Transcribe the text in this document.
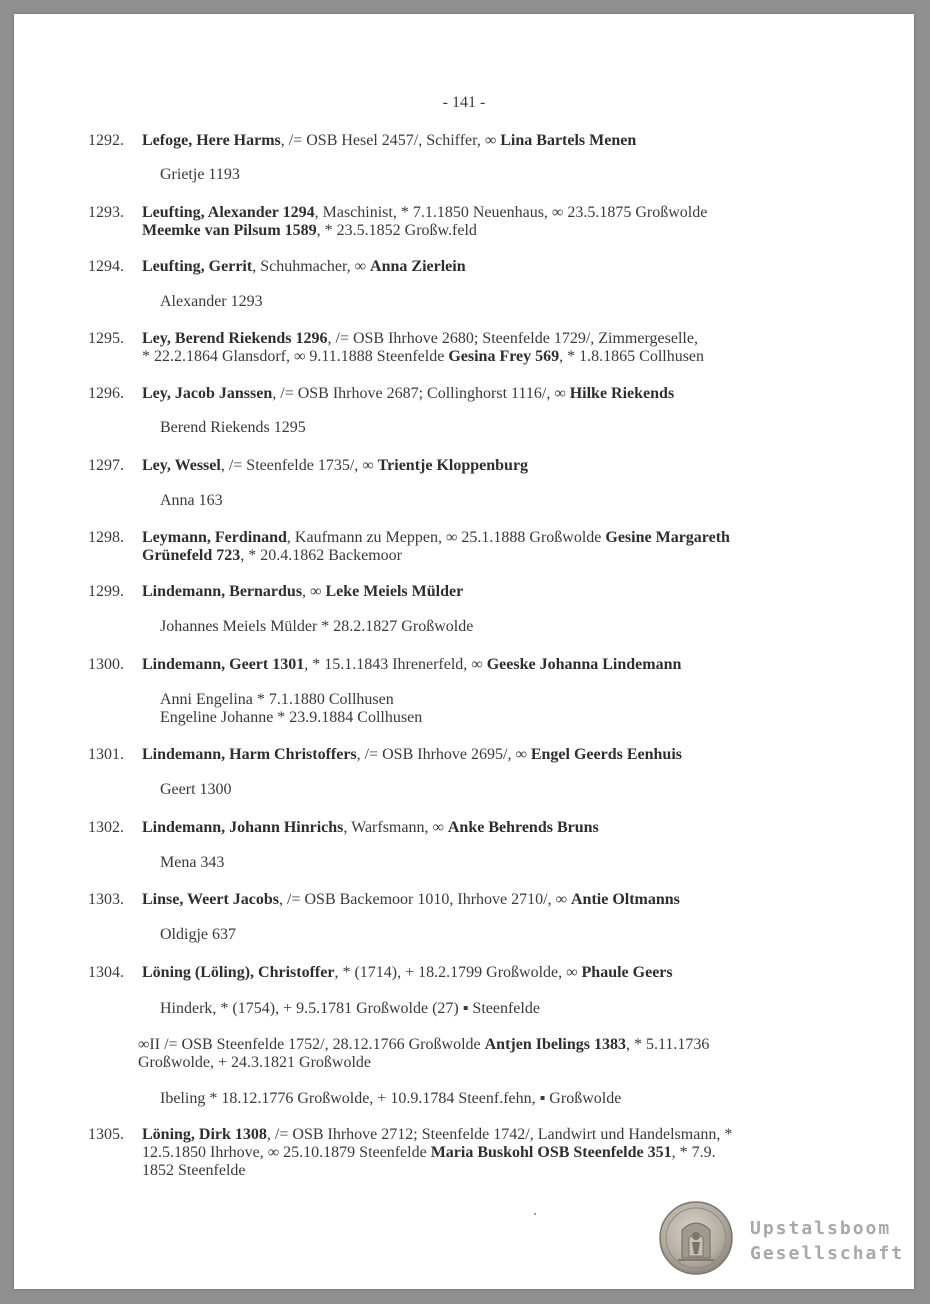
- 141 -
1292.	Lefoge, Here Harms, /= OSB Hesel 2457/, Schiffer, ∞ Lina Bartels Menen
Grietje 1193
1293.	Leufting, Alexander 1294, Maschinist, * 7.1.1850 Neuenhaus, ∞ 23.5.1875 Großwolde
Meemke van Pilsum 1589, * 23.5.1852 Großw.feld
1294.	Leufting, Gerrit, Schuhmacher, ∞ Anna Zierlein
Alexander 1293
1295.	Ley, Berend Riekends 1296, /= OSB Ihrhove 2680; Steenfelde 1729/, Zimmergeselle,
* 22.2.1864 Glansdorf, ∞ 9.11.1888 Steenfelde Gesina Frey 569, * 1.8.1865 Collhusen
1296.	Ley, Jacob Janssen, /= OSB Ihrhove 2687; Collinghorst 1116/, ∞ Hilke Riekends
Berend Riekends 1295
1297.	Ley, Wessel, /= Steenfelde 1735/, ∞ Trientje Kloppenburg
Anna 163
1298.	Leymann, Ferdinand, Kaufmann zu Meppen, ∞ 25.1.1888 Großwolde Gesine Margareth
Grünefeld 723, * 20.4.1862 Backemoor
1299.	Lindemann, Bernardus, ∞ Leke Meiels Mülder
Johannes Meiels Mülder * 28.2.1827 Großwolde
1300.	Lindemann, Geert 1301, * 15.1.1843 Ihrenerfeld, ∞ Geeske Johanna Lindemann
Anni Engelina * 7.1.1880 Collhusen
Engeline Johanne * 23.9.1884 Collhusen
1301.	Lindemann, Harm Christoffers, /= OSB Ihrhove 2695/, ∞ Engel Geerds Eenhuis
Geert 1300
1302.	Lindemann, Johann Hinrichs, Warfsmann, ∞ Anke Behrends Bruns
Mena 343
1303.	Linse, Weert Jacobs, /= OSB Backemoor 1010, Ihrhove 2710/, ∞ Antie Oltmanns
Oldigje 637
1304.	Löning (Löling), Christoffer, * (1714), + 18.2.1799 Großwolde, ∞ Phaule Geers
Hinderk, * (1754), + 9.5.1781 Großwolde (27) ▪ Steenfelde
∞II /= OSB Steenfelde 1752/, 28.12.1766 Großwolde Antjen Ibelings 1383, * 5.11.1736
Großwolde, + 24.3.1821 Großwolde
Ibeling * 18.12.1776 Großwolde, + 10.9.1784 Steenf.fehn, ▪ Großwolde
1305.	Löning, Dirk 1308, /= OSB Ihrhove 2712; Steenfelde 1742/, Landwirt und Handelsmann, *
12.5.1850 Ihrhove, ∞ 25.10.1879 Steenfelde Maria Buskohl OSB Steenfelde 351, * 7.9.
1852 Steenfelde
Upstalsboom
Gesellschaft
